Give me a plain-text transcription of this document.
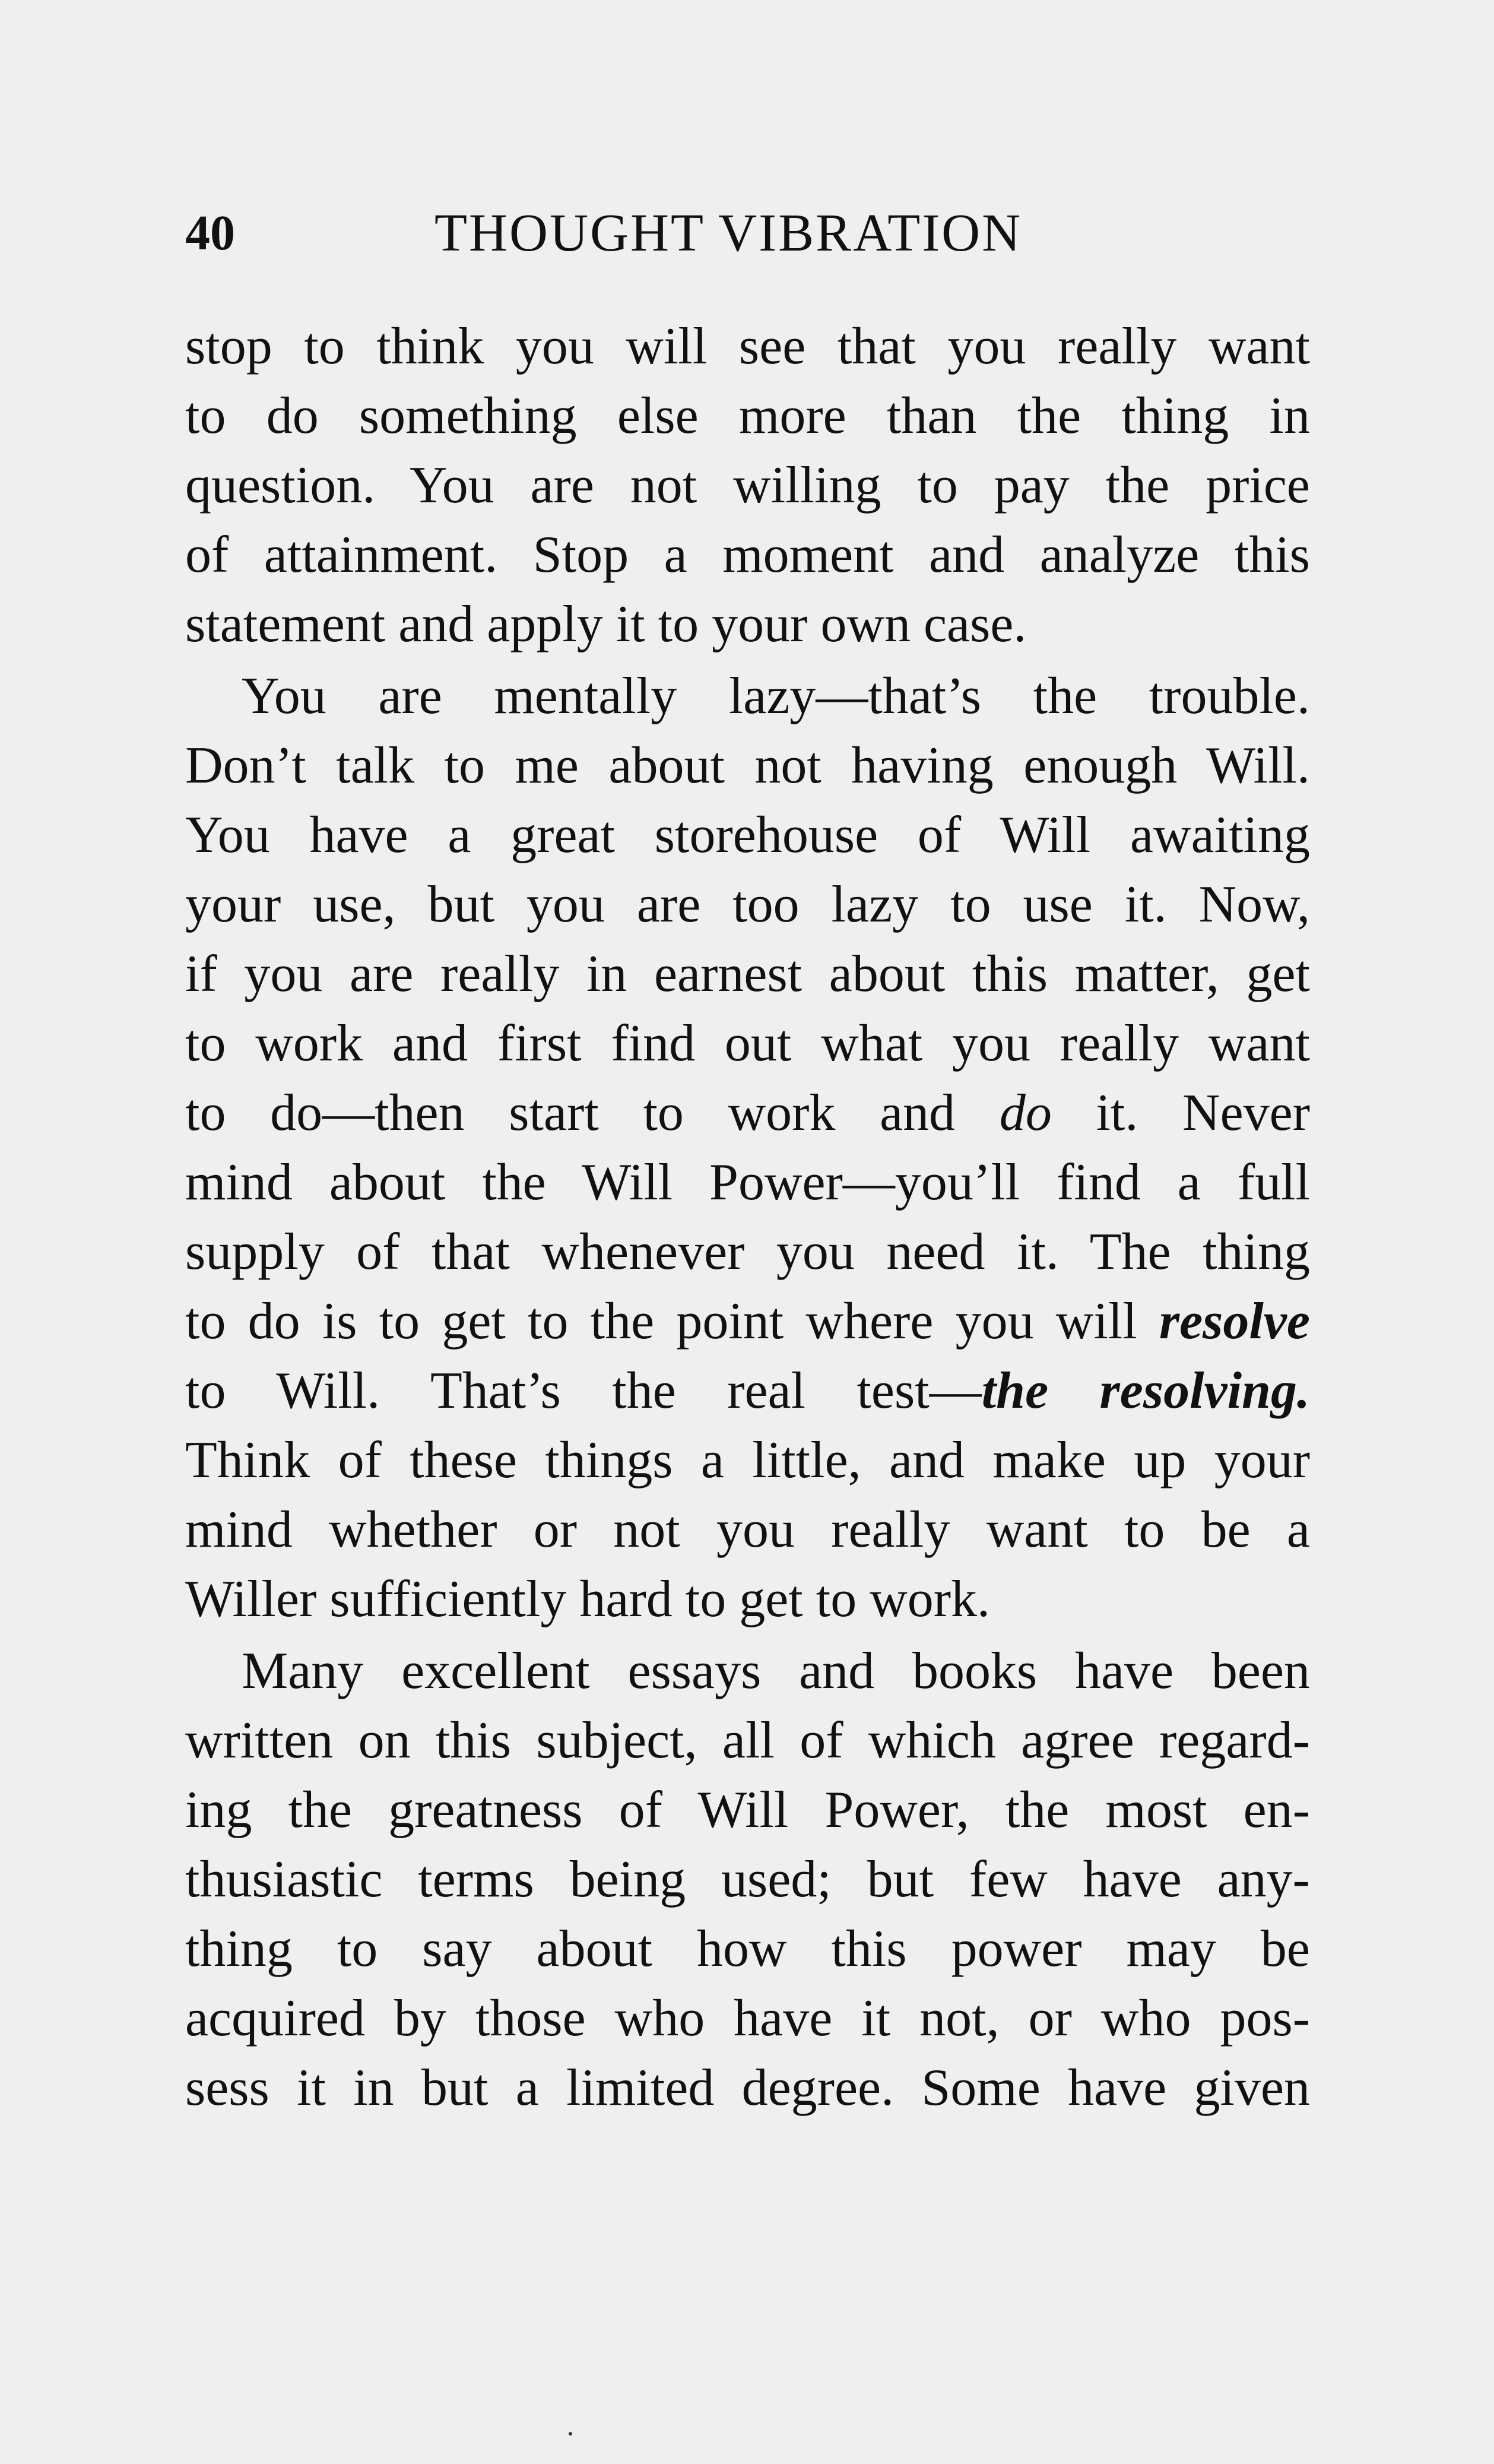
40	THOUGHT VIBRATION
stop to think you will see that you really want
to do something else more than the thing in
question. You are not willing to pay the price
of attainment. Stop a moment and analyze this
statement and apply it to your own case.
You are mentally lazy—that’s the trouble.
Don’t talk to me about not having enough Will.
You have a great storehouse of Will awaiting
your use, but you are too lazy to use it. Now,
if you are really in earnest about this matter, get
to work and first find out what you really want
to do—then start to work and do it. Never
mind about the Will Power—you’ll find a full
supply of that whenever you need it. The thing
to do is to get to the point where you will resolve
to Will. That’s the real test—the resolving.
Think of these things a little, and make up your
mind whether or not you really want to be a
Willer sufficiently hard to get to work.
Many excellent essays and books have been
written on this subject, all of which agree regard-
ing the greatness of Will Power, the most en-
thusiastic terms being used; but few have any-
thing to say about how this power may be
acquired by those who have it not, or who pos-
sess it in but a limited degree. Some have given
